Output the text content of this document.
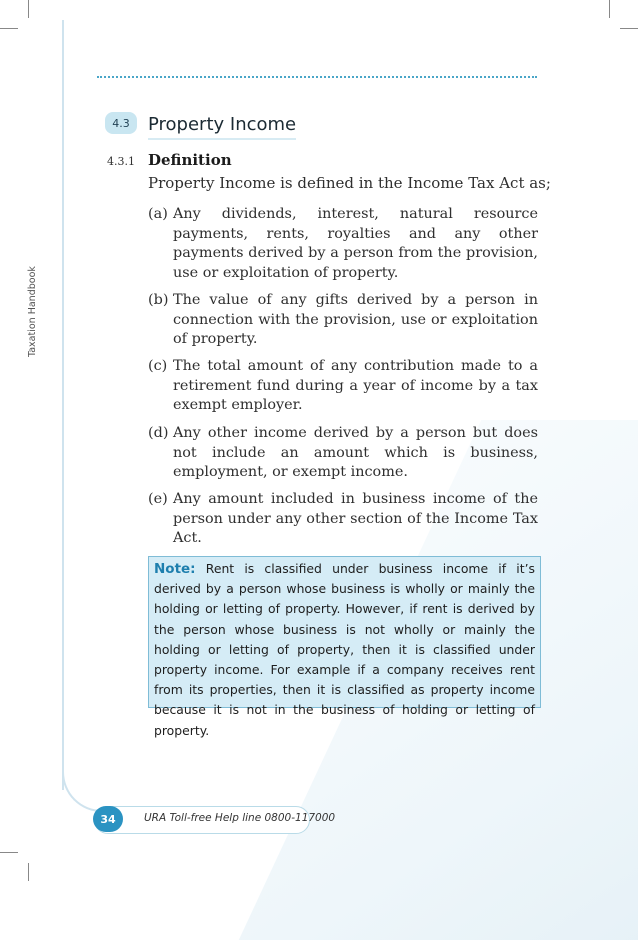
Taxation Handbook
4.3	Property Income
4.3.1 Definition
Property Income is defined in the Income Tax Act as;
(a) Any dividends, interest, natural resource payments, rents, royalties and any other payments derived by a person from the provision, use or exploitation of property.
(b) The value of any gifts derived by a person in connection with the provision, use or exploitation of property.
(c) The total amount of any contribution made to a retirement fund during a year of income by a tax exempt employer.
(d) Any other income derived by a person but does not include an amount which is business, employment, or exempt income.
(e) Any amount included in business income of the person under any other section of the Income Tax Act.
Note: Rent is classified under business income if it’s derived by a person whose business is wholly or mainly the holding or letting of property. However, if rent is derived by the person whose business is not wholly or mainly the holding or letting of property, then it is classified under property income. For example if a company receives rent from its properties, then it is classified as property income because it is not in the business of holding or letting of property.
34	URA Toll-free Help line 0800-117000
